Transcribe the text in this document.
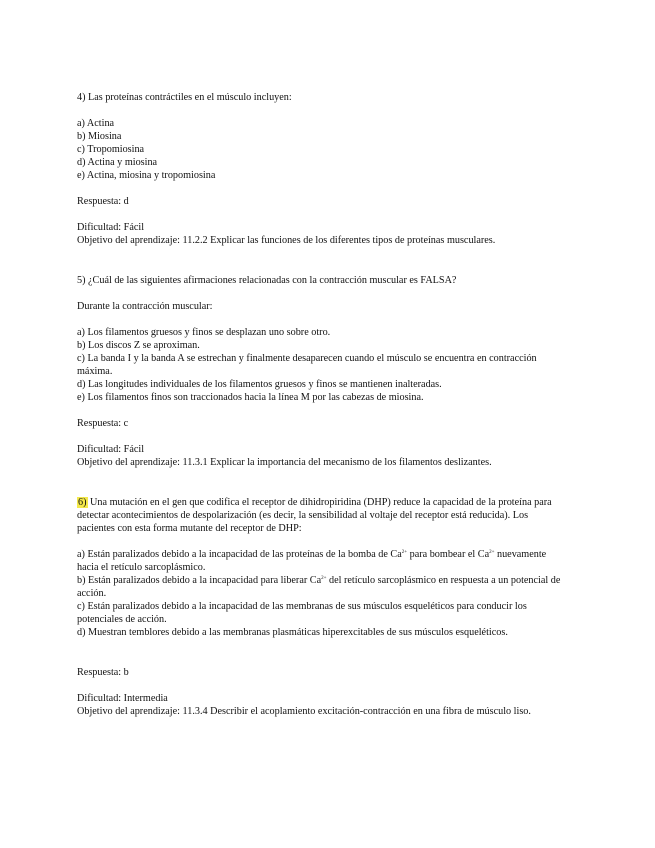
4) Las proteínas contráctiles en el músculo incluyen:
a) Actina
b) Miosina
c) Tropomiosina
d) Actina y miosina
e) Actina, miosina y tropomiosina
Respuesta: d
Dificultad: Fácil
Objetivo del aprendizaje: 11.2.2 Explicar las funciones de los diferentes tipos de proteínas musculares.
5) ¿Cuál de las siguientes afirmaciones relacionadas con la contracción muscular es FALSA?
Durante la contracción muscular:
a) Los filamentos gruesos y finos se desplazan uno sobre otro.
b) Los discos Z se aproximan.
c) La banda I y la banda A se estrechan y finalmente desaparecen cuando el músculo se encuentra en contracción máxima.
d) Las longitudes individuales de los filamentos gruesos y finos se mantienen inalteradas.
e) Los filamentos finos son traccionados hacia la línea M por las cabezas de miosina.
Respuesta: c
Dificultad: Fácil
Objetivo del aprendizaje: 11.3.1 Explicar la importancia del mecanismo de los filamentos deslizantes.
6) Una mutación en el gen que codifica el receptor de dihidropiridina (DHP) reduce la capacidad de la proteína para detectar acontecimientos de despolarización (es decir, la sensibilidad al voltaje del receptor está reducida). Los pacientes con esta forma mutante del receptor de DHP:
a) Están paralizados debido a la incapacidad de las proteínas de la bomba de $Ca^{2+}$ para bombear el $Ca^{2+}$ nuevamente hacia el retículo sarcoplásmico.
b) Están paralizados debido a la incapacidad para liberar $Ca^{2+}$ del retículo sarcoplásmico en respuesta a un potencial de acción.
c) Están paralizados debido a la incapacidad de las membranas de sus músculos esqueléticos para conducir los potenciales de acción.
d) Muestran temblores debido a las membranas plasmáticas hiperexcitables de sus músculos esqueléticos.
Respuesta: b
Dificultad: Intermedia
Objetivo del aprendizaje: 11.3.4 Describir el acoplamiento excitación-contracción en una fibra de músculo liso.
